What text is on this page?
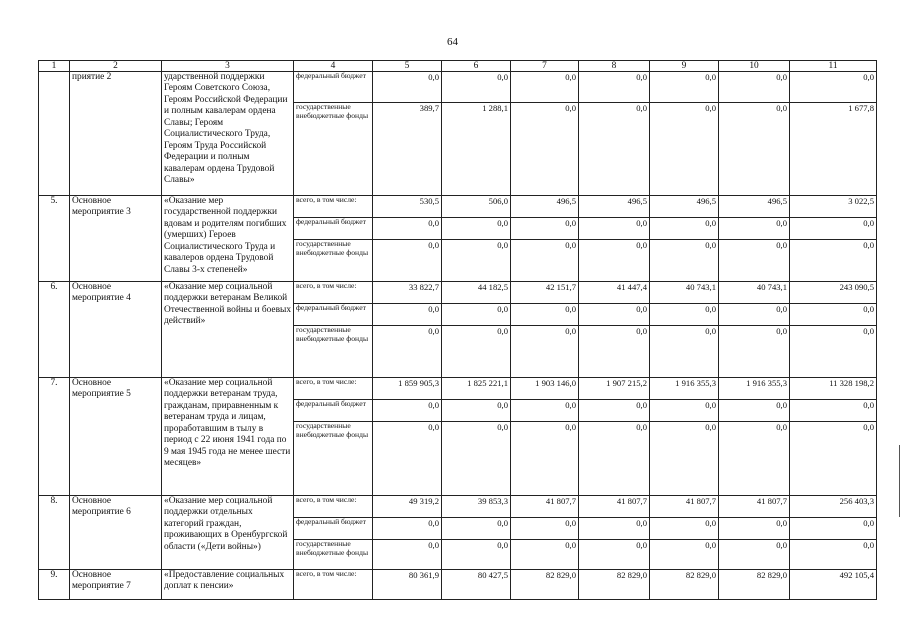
64
1	2	3	4	5	6	7	8	9	10	11
	приятие 2	ударственной поддержки Героям Советского Союза, Героям Российской Федерации и полным кавалерам ордена Славы; Героям Социалистического Труда, Героям Труда Российской Федерации и полным кавалерам ордена Трудовой Славы»	федеральный бюджет	0,0	0,0	0,0	0,0	0,0	0,0	0,0
			государственные внебюджетные фонды	389,7	1 288,1	0,0	0,0	0,0	0,0	1 677,8
5.	Основное мероприятие 3	«Оказание мер государственной поддержки вдовам и родителям погибших (умерших) Героев Социалистического Труда и кавалеров ордена Трудовой Славы 3-х степеней»	всего, в том числе:	530,5	506,0	496,5	496,5	496,5	496,5	3 022,5
			федеральный бюджет	0,0	0,0	0,0	0,0	0,0	0,0	0,0
			государственные внебюджетные фонды	0,0	0,0	0,0	0,0	0,0	0,0	0,0
6.	Основное мероприятие 4	«Оказание мер социальной поддержки ветеранам Великой Отечественной войны и боевых действий»	всего, в том числе:	33 822,7	44 182,5	42 151,7	41 447,4	40 743,1	40 743,1	243 090,5
			федеральный бюджет	0,0	0,0	0,0	0,0	0,0	0,0	0,0
			государственные внебюджетные фонды	0,0	0,0	0,0	0,0	0,0	0,0	0,0
7.	Основное мероприятие 5	«Оказание мер социальной поддержки ветеранам труда, гражданам, приравненным к ветеранам труда и лицам, проработавшим в тылу в период с 22 июня 1941 года по 9 мая 1945 года не менее шести месяцев»	всего, в том числе:	1 859 905,3	1 825 221,1	1 903 146,0	1 907 215,2	1 916 355,3	1 916 355,3	11 328 198,2
			федеральный бюджет	0,0	0,0	0,0	0,0	0,0	0,0	0,0
			государственные внебюджетные фонды	0,0	0,0	0,0	0,0	0,0	0,0	0,0
8.	Основное мероприятие 6	«Оказание мер социальной поддержки отдельных категорий граждан, проживающих в Оренбургской области («Дети войны»)	всего, в том числе:	49 319,2	39 853,3	41 807,7	41 807,7	41 807,7	41 807,7	256 403,3
			федеральный бюджет	0,0	0,0	0,0	0,0	0,0	0,0	0,0
			государственные внебюджетные фонды	0,0	0,0	0,0	0,0	0,0	0,0	0,0
9.	Основное мероприятие 7	«Предоставление социальных доплат к пенсии»	всего, в том числе:	80 361,9	80 427,5	82 829,0	82 829,0	82 829,0	82 829,0	492 105,4
